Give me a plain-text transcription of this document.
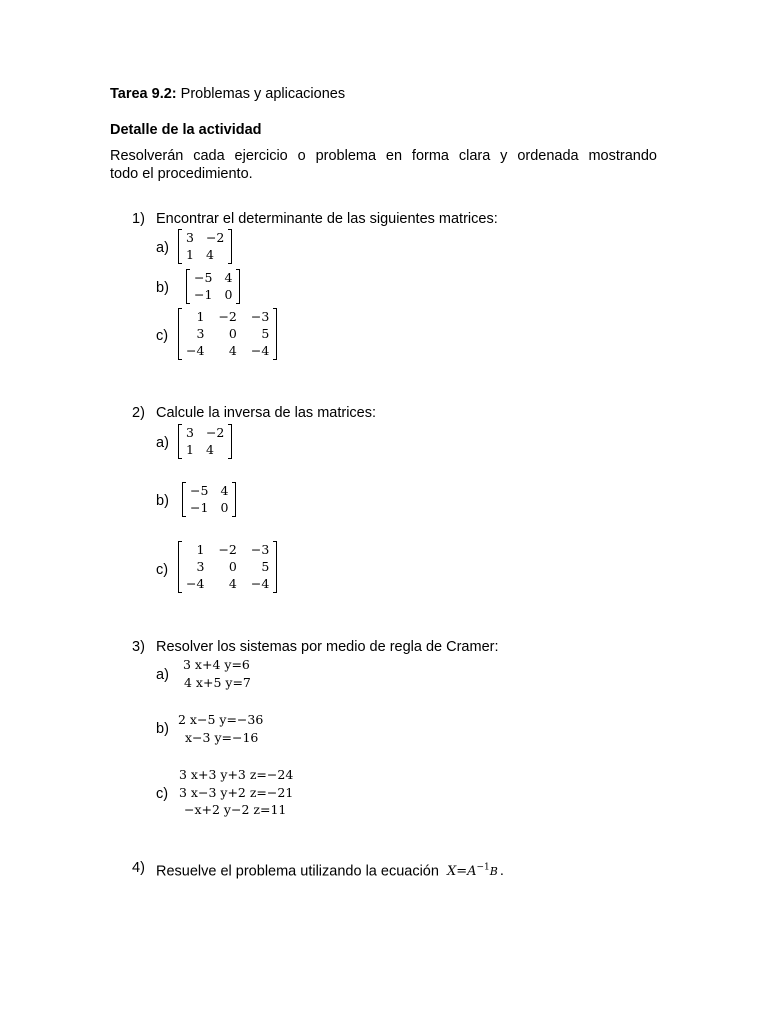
Tarea 9.2: Problemas y aplicaciones
Detalle de la actividad
Resolverán cada ejercicio o problema en forma clara y ordenada mostrando
todo el procedimiento.
1) Encontrar el determinante de las siguientes matrices:
a)
3 −2
1 4
b)
−5 4
−1 0
c)
1 −2 −3
3	0	5
−4	4 −4
2) Calcule la inversa de las matrices:
a)
3 −2
1 4
b)
−5 4
−1 0
c)
1 −2 −3
3	0	5
−4	4 −4
3) Resolver los sistemas por medio de regla de Cramer:
a)
3 x+4 y=6
4 x+5 y=7
b)
2 x−5 y=−36
x−3 y=−16
c)
3 x+3 y+3 z=−24
3 x−3 y+2 z=−21
−x+2 y−2 z=11
4) Resuelve el problema utilizando la ecuación $X=A^{-1}B$ .
